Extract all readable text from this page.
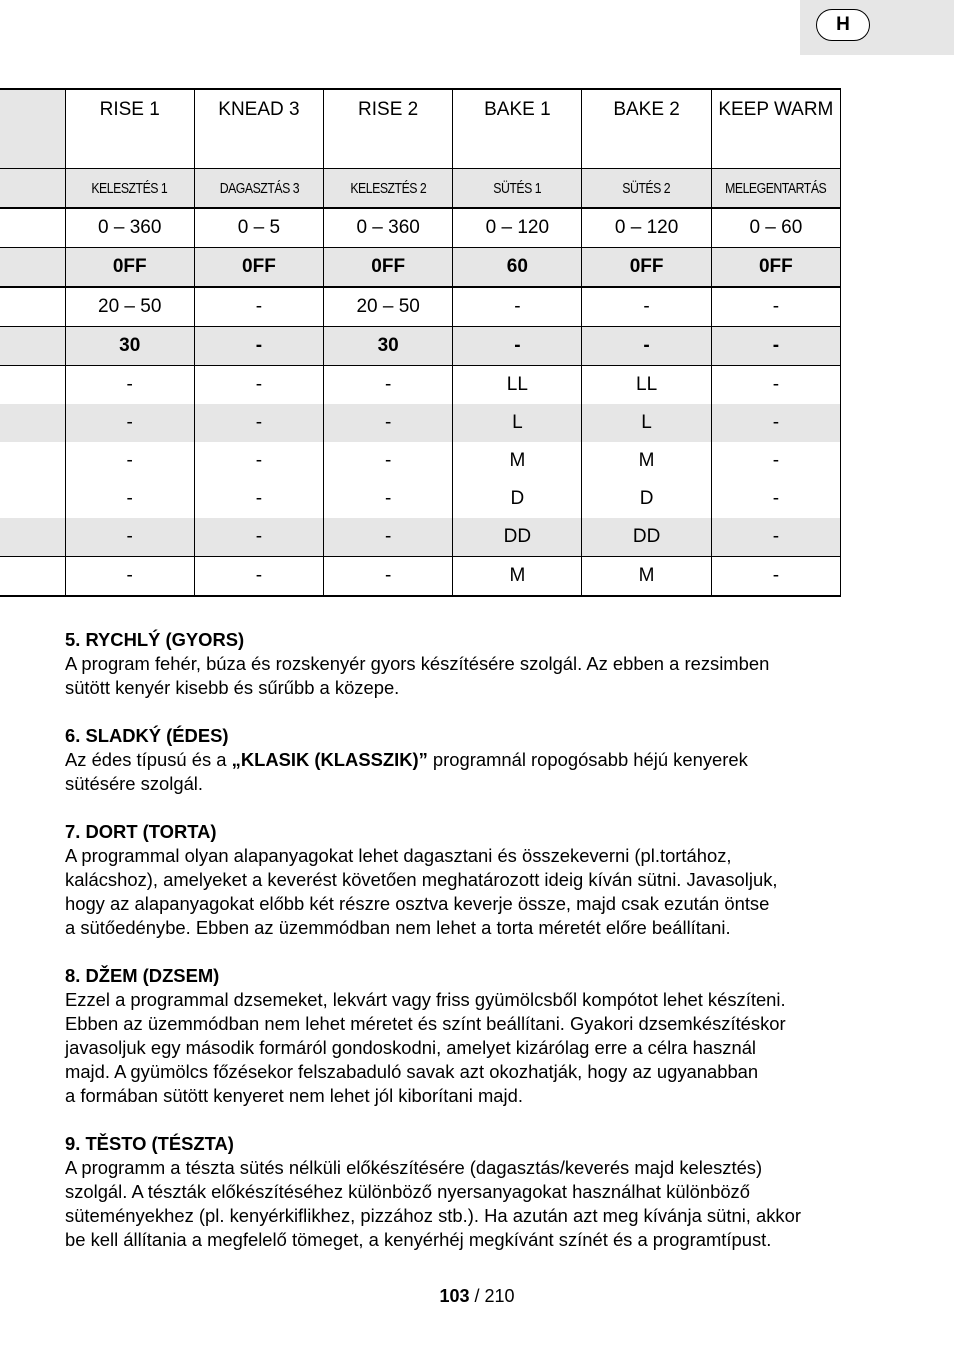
H
	RISE 1	KNEAD 3	RISE 2	BAKE 1	BAKE 2	KEEP WARM
	KELESZTÉS 1	DAGASZTÁS 3	KELESZTÉS 2	SÜTÉS 1	SÜTÉS 2	MELEGENTARTÁS
	0 – 360	0 – 5	0 – 360	0 – 120	0 – 120	0 – 60
	0FF	0FF	0FF	60	0FF	0FF
	20 – 50	-	20 – 50	-	-	-
	30	-	30	-	-	-
	-	-	-	LL	LL	-
	-	-	-	L	L	-
	-	-	-	M	M	-
	-	-	-	D	D	-
	-	-	-	DD	DD	-
	-	-	-	M	M	-
5. RYCHLÝ (GYORS)

A program fehér, búza és rozskenyér gyors készítésére szolgál. Az ebben a rezsimben
sütött kenyér kisebb és sűrűbb a közepe.

6. SLADKÝ (ÉDES)

Az édes típusú és a „KLASIK (KLASSZIK)” programnál ropogósabb héjú kenyerek
sütésére szolgál.

7. DORT (TORTA)

A programmal olyan alapanyagokat lehet dagasztani és összekeverni (pl.tortához,
kalácshoz), amelyeket a keverést követően meghatározott ideig kíván sütni. Javasoljuk,
hogy az alapanyagokat előbb két részre osztva keverje össze, majd csak ezután öntse
a sütőedénybe. Ebben az üzemmódban nem lehet a torta méretét előre beállítani.

8. DŽEM (DZSEM)

Ezzel a programmal dzsemeket, lekvárt vagy friss gyümölcsből kompótot lehet készíteni.
Ebben az üzemmódban nem lehet méretet és színt beállítani. Gyakori dzsemkészítéskor
javasoljuk egy második formáról gondoskodni, amelyet kizárólag erre a célra használ
majd. A gyümölcs főzésekor felszabaduló savak azt okozhatják, hogy az ugyanabban
a formában sütött kenyeret nem lehet jól kiborítani majd.

9. TĚSTO (TÉSZTA)

A programm a tészta sütés nélküli előkészítésére (dagasztás/keverés majd kelesztés)
szolgál. A tészták előkészítéséhez különböző nyersanyagokat használhat különböző
süteményekhez (pl. kenyérkiflikhez, pizzához stb.). Ha azután azt meg kívánja sütni, akkor
be kell állítania a megfelelő tömeget, a kenyérhéj megkívánt színét és a programtípust.

103 / 210
